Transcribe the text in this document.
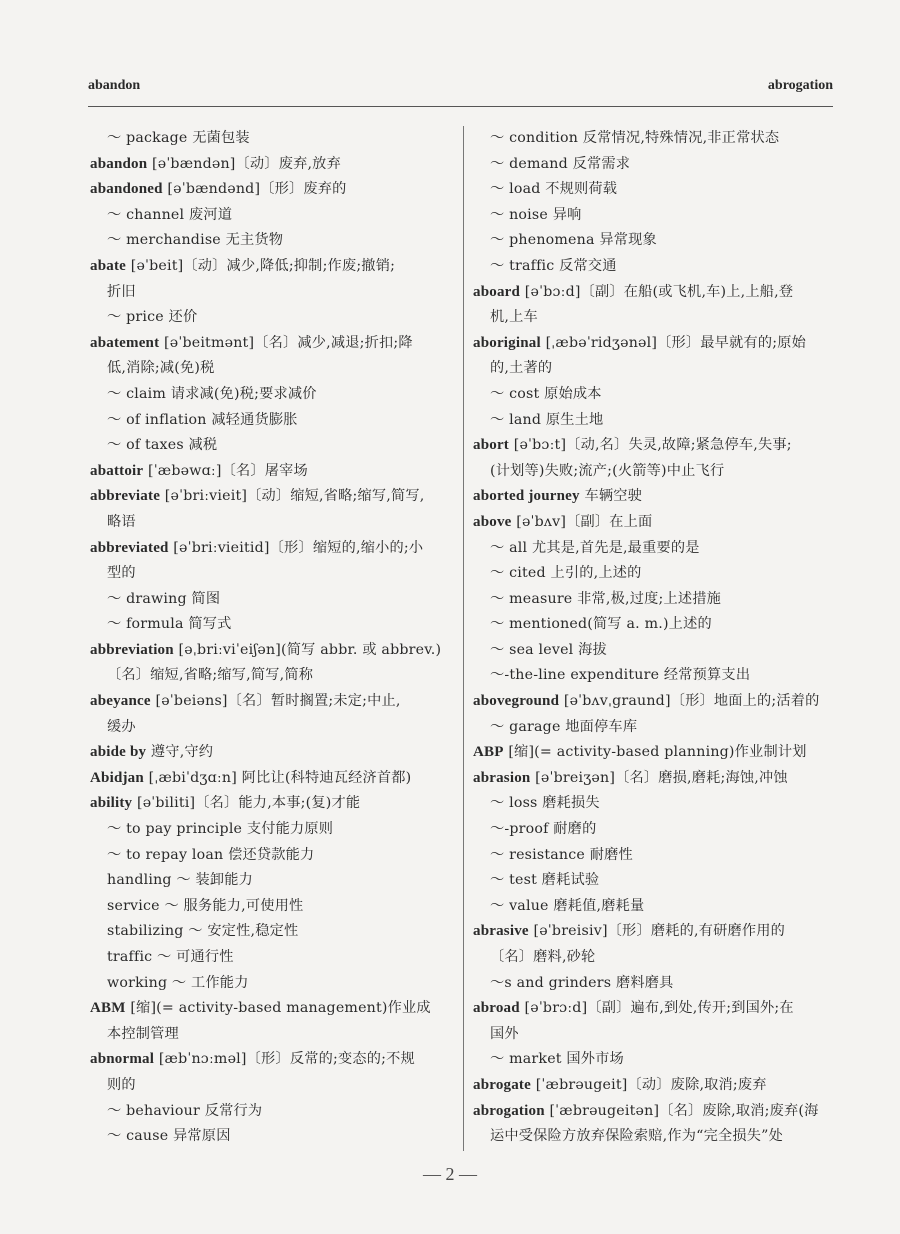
abandon	abrogation
～ package 无菌包装
abandon [əˈbændən]〔动〕废弃,放弃
abandoned [əˈbændənd]〔形〕废弃的
～ channel 废河道
～ merchandise 无主货物
abate [əˈbeit]〔动〕减少,降低;抑制;作废;撤销;
折旧
～ price 还价
abatement [əˈbeitmənt]〔名〕减少,减退;折扣;降
低,消除;减(免)税
～ claim 请求减(免)税;要求减价
～ of inflation 减轻通货膨胀
～ of taxes 减税
abattoir [ˈæbəwɑː]〔名〕屠宰场
abbreviate [əˈbriːvieit]〔动〕缩短,省略;缩写,简写,
略语
abbreviated [əˈbriːvieitid]〔形〕缩短的,缩小的;小
型的
～ drawing 简图
～ formula 简写式
abbreviation [əˌbriːviˈeiʃən](简写 abbr. 或 abbrev.)
〔名〕缩短,省略;缩写,简写,简称
abeyance [əˈbeiəns]〔名〕暂时搁置;未定;中止,
缓办
abide by 遵守,守约
Abidjan [ˌæbiˈdʒɑːn] 阿比让(科特迪瓦经济首都)
ability [əˈbiliti]〔名〕能力,本事;(复)才能
～ to pay principle 支付能力原则
～ to repay loan 偿还贷款能力
handling ～ 装卸能力
service ～ 服务能力,可使用性
stabilizing ～ 安定性,稳定性
traffic ～ 可通行性
working ～ 工作能力
ABM [缩](= activity-based management)作业成
本控制管理
abnormal [æbˈnɔːməl]〔形〕反常的;变态的;不规
则的
～ behaviour 反常行为
～ cause 异常原因
～ condition 反常情况,特殊情况,非正常状态
～ demand 反常需求
～ load 不规则荷载
～ noise 异响
～ phenomena 异常现象
～ traffic 反常交通
aboard [əˈbɔːd]〔副〕在船(或飞机,车)上,上船,登
机,上车
aboriginal [ˌæbəˈridʒənəl]〔形〕最早就有的;原始
的,土著的
～ cost 原始成本
～ land 原生土地
abort [əˈbɔːt]〔动,名〕失灵,故障;紧急停车,失事;
(计划等)失败;流产;(火箭等)中止飞行
aborted journey 车辆空驶
above [əˈbʌv]〔副〕在上面
～ all 尤其是,首先是,最重要的是
～ cited 上引的,上述的
～ measure 非常,极,过度;上述措施
～ mentioned(简写 a. m.)上述的
～ sea level 海拔
～-the-line expenditure 经常预算支出
aboveground [əˈbʌvˌgraund]〔形〕地面上的;活着的
～ garage 地面停车库
ABP [缩](= activity-based planning)作业制计划
abrasion [əˈbreiʒən]〔名〕磨损,磨耗;海蚀,冲蚀
～ loss 磨耗损失
～-proof 耐磨的
～ resistance 耐磨性
～ test 磨耗试验
～ value 磨耗值,磨耗量
abrasive [əˈbreisiv]〔形〕磨耗的,有研磨作用的
〔名〕磨料,砂轮
～s and grinders 磨料磨具
abroad [əˈbrɔːd]〔副〕遍布,到处,传开;到国外;在
国外
～ market 国外市场
abrogate [ˈæbrəugeit]〔动〕废除,取消;废弃
abrogation [ˈæbrəugeitən]〔名〕废除,取消;废弃(海
运中受保险方放弃保险索赔,作为“完全损失”处
— 2 —
